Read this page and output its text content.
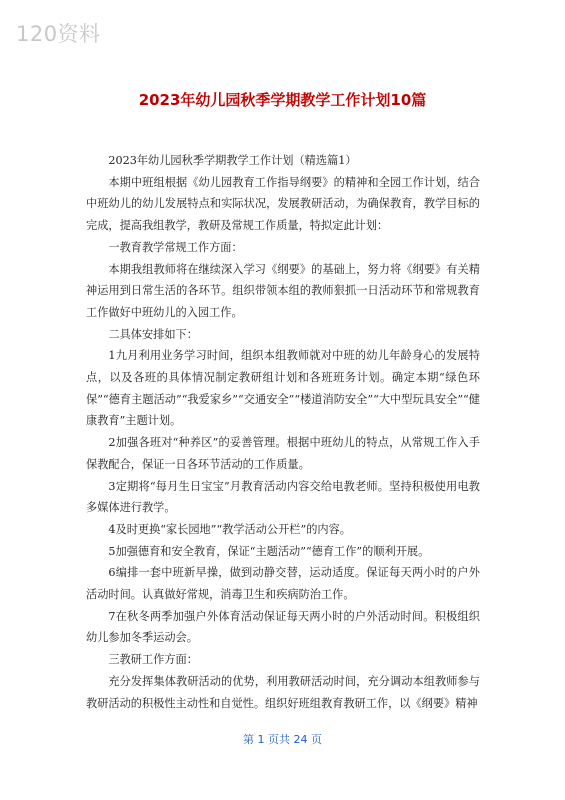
120资料
2023年幼儿园秋季学期教学工作计划10篇

2023年幼儿园秋季学期教学工作计划（精选篇1）

本期中班组根据《幼儿园教育工作指导纲要》的精神和全园工作计划，结合中班幼儿的幼儿发展特点和实际状况，发展教研活动，为确保教育，教学目标的完成，提高我组教学，教研及常规工作质量，特拟定此计划：

一教育教学常规工作方面：

本期我组教师将在继续深入学习《纲要》的基础上，努力将《纲要》有关精神运用到日常生活的各环节。组织带领本组的教师狠抓一日活动环节和常规教育工作做好中班幼儿的入园工作。

二具体安排如下：

1九月利用业务学习时间，组织本组教师就对中班的幼儿年龄身心的发展特点，以及各班的具体情况制定教研组计划和各班班务计划。确定本期“绿色环保”“德育主题活动”“我爱家乡”“交通安全”“楼道消防安全”“大中型玩具安全”“健康教育”主题计划。

2加强各班对“种养区”的妥善管理。根据中班幼儿的特点，从常规工作入手保教配合，保证一日各环节活动的工作质量。

3定期将“每月生日宝宝”月教育活动内容交给电教老师。坚持积极使用电教多媒体进行教学。

4及时更换“家长园地”“教学活动公开栏”的内容。

5加强德育和安全教育，保证“主题活动”“德育工作”的顺利开展。

6编排一套中班新早操，做到动静交替，运动适度。保证每天两小时的户外活动时间。认真做好常规，消毒卫生和疾病防治工作。

7在秋冬两季加强户外体育活动保证每天两小时的户外活动时间。积极组织幼儿参加冬季运动会。

三教研工作方面：

充分发挥集体教研活动的优势，利用教研活动时间，充分调动本组教师参与教研活动的积极性主动性和自觉性。组织好班组教育教研工作，以《纲要》精神

第 1 页共 24 页
